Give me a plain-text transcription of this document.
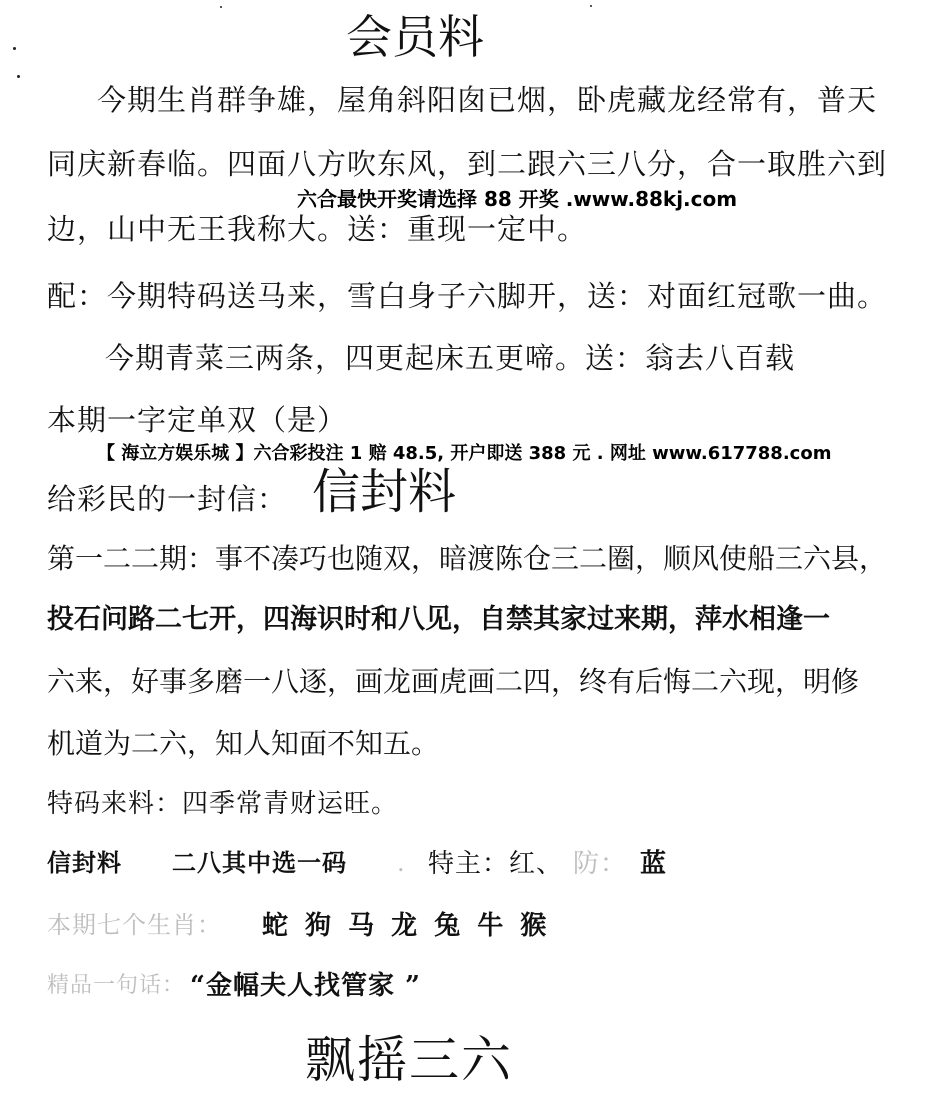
会员料
今期生肖群争雄，屋角斜阳囱已烟，卧虎藏龙经常有，普天
同庆新春临。四面八方吹东风，到二跟六三八分，合一取胜六到
六合最快开奖请选择 88 开奖 .www.88kj.com
边，山中无王我称大。送：重现一定中。
配：今期特码送马来，雪白身子六脚开，送：对面红冠歌一曲。
今期青菜三两条，四更起床五更啼。送：翁去八百载
本期一字定单双（是）
【 海立方娱乐城 】六合彩投注 1 赔 48.5, 开户即送 388 元 . 网址 www.617788.com
给彩民的一封信： 信封料
第一二二期：事不凑巧也随双，暗渡陈仓三二圈，顺风使船三六县，
投石问路二七开，四海识时和八见，自禁其家过来期，萍水相逢一
六来，好事多磨一八逐，画龙画虎画二四，终有后悔二六现，明修
机道为二六，知人知面不知五。
特码来料：四季常青财运旺。
信封料 二八其中选一码 . 特主：红、 防： 蓝
本期七个生肖： 蛇 狗 马 龙 兔 牛 猴
精品一句话： “金幅夫人找管家 ”
飘摇三六
